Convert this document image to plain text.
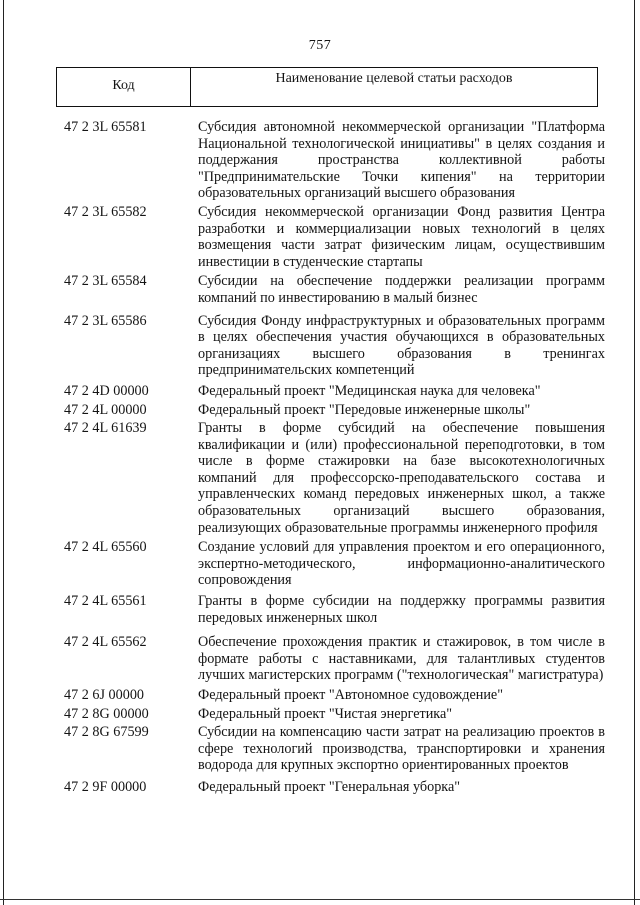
757
Код	Наименование целевой статьи расходов
47 2 3L 65581	Субсидия автономной некоммерческой организации "Платформа Национальной технологической инициативы" в целях создания и поддержания пространства коллективной работы "Предпринимательские Точки кипения" на территории образовательных организаций высшего образования
47 2 3L 65582	Субсидия некоммерческой организации Фонд развития Центра разработки и коммерциализации новых технологий в целях возмещения части затрат физическим лицам, осуществившим инвестиции в студенческие стартапы
47 2 3L 65584	Субсидии на обеспечение поддержки реализации программ компаний по инвестированию в малый бизнес
47 2 3L 65586	Субсидия Фонду инфраструктурных и образовательных программ в целях обеспечения участия обучающихся в образовательных организациях высшего образования в тренингах предпринимательских компетенций
47 2 4D 00000	Федеральный проект "Медицинская наука для человека"
47 2 4L 00000	Федеральный проект "Передовые инженерные школы"
47 2 4L 61639	Гранты в форме субсидий на обеспечение повышения квалификации и (или) профессиональной переподготовки, в том числе в форме стажировки на базе высокотехнологичных компаний для профессорско-преподавательского состава и управленческих команд передовых инженерных школ, а также образовательных организаций высшего образования, реализующих образовательные программы инженерного профиля
47 2 4L 65560	Создание условий для управления проектом и его операционного, экспертно-методического, информационно-аналитического сопровождения
47 2 4L 65561	Гранты в форме субсидии на поддержку программы развития передовых инженерных школ
47 2 4L 65562	Обеспечение прохождения практик и стажировок, в том числе в формате работы с наставниками, для талантливых студентов лучших магистерских программ ("технологическая" магистратура)
47 2 6J 00000	Федеральный проект "Автономное судовождение"
47 2 8G 00000	Федеральный проект "Чистая энергетика"
47 2 8G 67599	Субсидии на компенсацию части затрат на реализацию проектов в сфере технологий производства, транспортировки и хранения водорода для крупных экспортно ориентированных проектов
47 2 9F 00000	Федеральный проект "Генеральная уборка"
